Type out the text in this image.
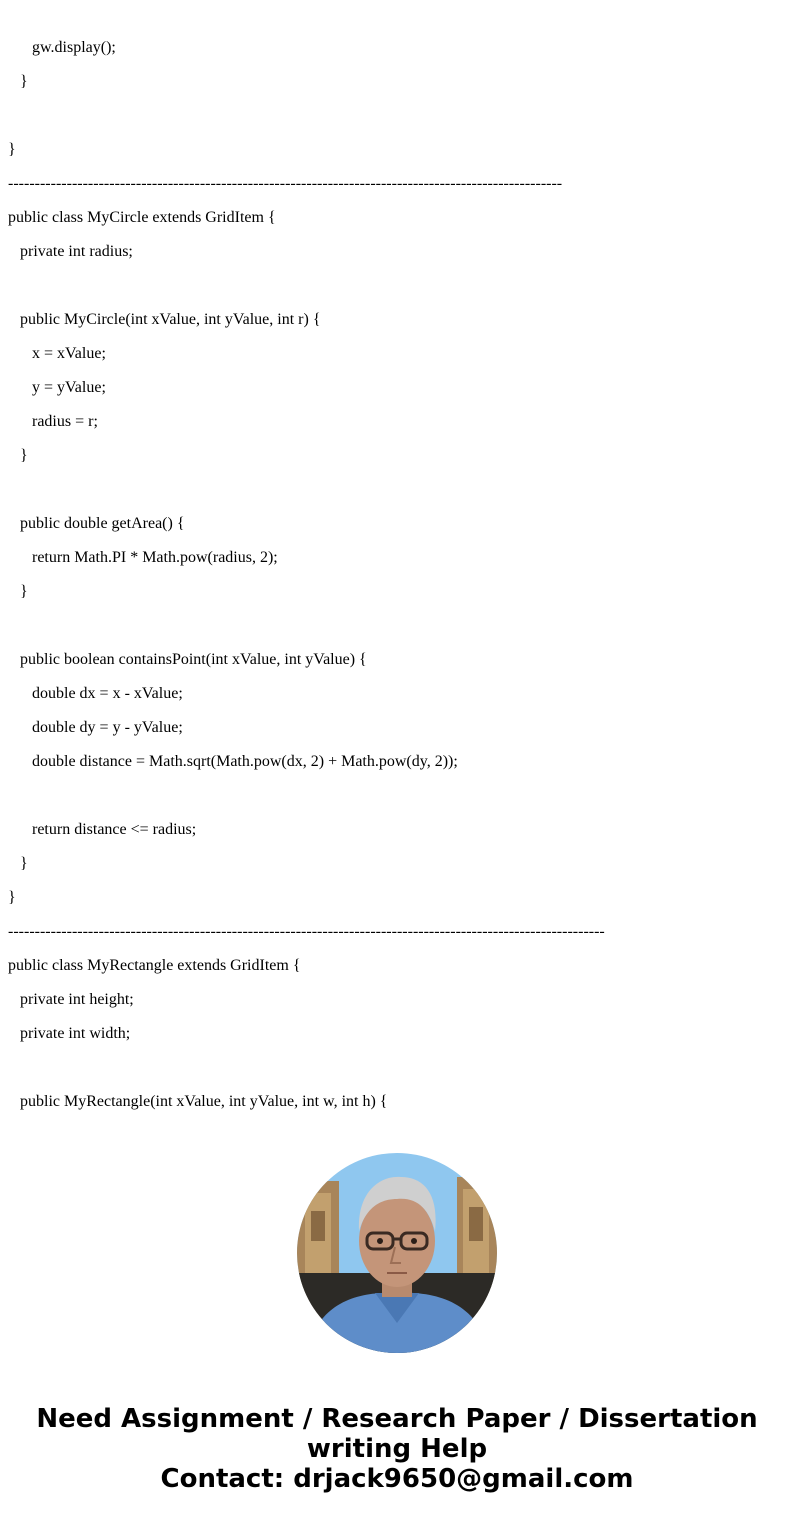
gw.display();
}
}
--------------------------------------------------------------------------------------------------------
public class MyCircle extends GridItem {
private int radius;
public MyCircle(int xValue, int yValue, int r) {
x = xValue;
y = yValue;
radius = r;
}
public double getArea() {
return Math.PI * Math.pow(radius, 2);
}
public boolean containsPoint(int xValue, int yValue) {
double dx = x - xValue;
double dy = y - yValue;
double distance = Math.sqrt(Math.pow(dx, 2) + Math.pow(dy, 2));
return distance <= radius;
}
}
----------------------------------------------------------------------------------------------------------------
public class MyRectangle extends GridItem {
private int height;
private int width;
public MyRectangle(int xValue, int yValue, int w, int h) {
Need Assignment / Research Paper / Dissertation
writing Help
Contact: drjack9650@gmail.com
